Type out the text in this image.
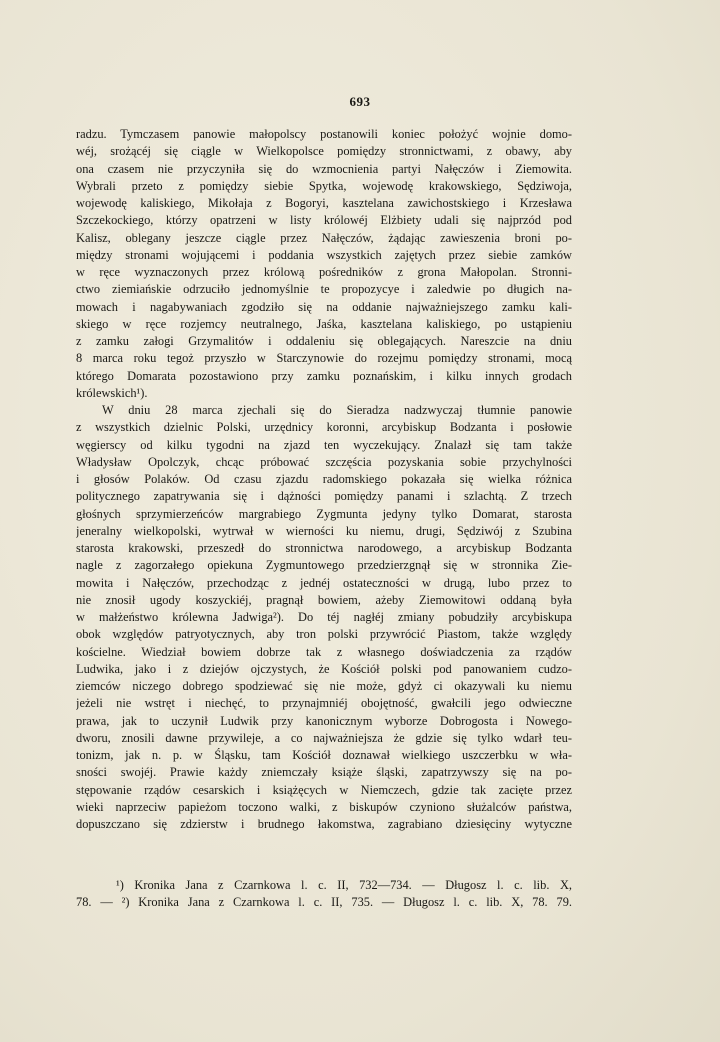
693
radzu. Tymczasem panowie małopolscy postanowili koniec położyć wojnie domo-
wéj, srożącéj się ciągle w Wielkopolsce pomiędzy stronnictwami, z obawy, aby
ona czasem nie przyczyniła się do wzmocnienia partyi Nałęczów i Ziemowita.
Wybrali przeto z pomiędzy siebie Spytka, wojewodę krakowskiego, Sędziwoja,
wojewodę kaliskiego, Mikołaja z Bogoryi, kasztelana zawichostskiego i Krzesława
Szczekockiego, którzy opatrzeni w listy królowéj Elżbiety udali się najprzód pod
Kalisz, oblegany jeszcze ciągle przez Nałęczów, żądając zawieszenia broni po-
między stronami wojującemi i poddania wszystkich zajętych przez siebie zamków
w ręce wyznaczonych przez królową pośredników z grona Małopolan. Stronni-
ctwo ziemiańskie odrzuciło jednomyślnie te propozycye i zaledwie po długich na-
mowach i nagabywaniach zgodziło się na oddanie najważniejszego zamku kali-
skiego w ręce rozjemcy neutralnego, Jaśka, kasztelana kaliskiego, po ustąpieniu
z zamku załogi Grzymalitów i oddaleniu się oblegających. Nareszcie na dniu
8 marca roku tegoż przyszło w Starczynowie do rozejmu pomiędzy stronami, mocą
którego Domarata pozostawiono przy zamku poznańskim, i kilku innych grodach
królewskich¹).
W dniu 28 marca zjechali się do Sieradza nadzwyczaj tłumnie panowie
z wszystkich dzielnic Polski, urzędnicy koronni, arcybiskup Bodzanta i posłowie
węgierscy od kilku tygodni na zjazd ten wyczekujący. Znalazł się tam także
Władysław Opolczyk, chcąc próbować szczęścia pozyskania sobie przychylności
i głosów Polaków. Od czasu zjazdu radomskiego pokazała się wielka różnica
politycznego zapatrywania się i dążności pomiędzy panami i szlachtą. Z trzech
głośnych sprzymierzeńców margrabiego Zygmunta jedyny tylko Domarat, starosta
jeneralny wielkopolski, wytrwał w wierności ku niemu, drugi, Sędziwój z Szubina
starosta krakowski, przeszedł do stronnictwa narodowego, a arcybiskup Bodzanta
nagle z zagorzałego opiekuna Zygmuntowego przedzierzgnął się w stronnika Zie-
mowita i Nałęczów, przechodząc z jednéj ostateczności w drugą, lubo przez to
nie znosił ugody koszyckiéj, pragnął bowiem, ażeby Ziemowitowi oddaną była
w małżeństwo królewna Jadwiga²). Do téj nagłéj zmiany pobudziły arcybiskupa
obok względów patryotycznych, aby tron polski przywrócić Piastom, także względy
kościelne. Wiedział bowiem dobrze tak z własnego doświadczenia za rządów
Ludwika, jako i z dziejów ojczystych, że Kościół polski pod panowaniem cudzo-
ziemców niczego dobrego spodziewać się nie może, gdyż ci okazywali ku niemu
jeżeli nie wstręt i niechęć, to przynajmniéj obojętność, gwałcili jego odwieczne
prawa, jak to uczynił Ludwik przy kanonicznym wyborze Dobrogosta i Nowego-
dworu, znosili dawne przywileje, a co najważniejsza że gdzie się tylko wdarł teu-
tonizm, jak n. p. w Śląsku, tam Kościół doznawał wielkiego uszczerbku w wła-
sności swojéj. Prawie każdy zniemczały książe śląski, zapatrzywszy się na po-
stępowanie rządów cesarskich i książęcych w Niemczech, gdzie tak zacięte przez
wieki naprzeciw papieżom toczono walki, z biskupów czyniono służalców państwa,
dopuszczano się zdzierstw i brudnego łakomstwa, zagrabiano dziesięciny wytyczne
¹) Kronika Jana z Czarnkowa l. c. II, 732—734. — Długosz l. c. lib. X,
78. — ²) Kronika Jana z Czarnkowa l. c. II, 735. — Długosz l. c. lib. X, 78. 79.
